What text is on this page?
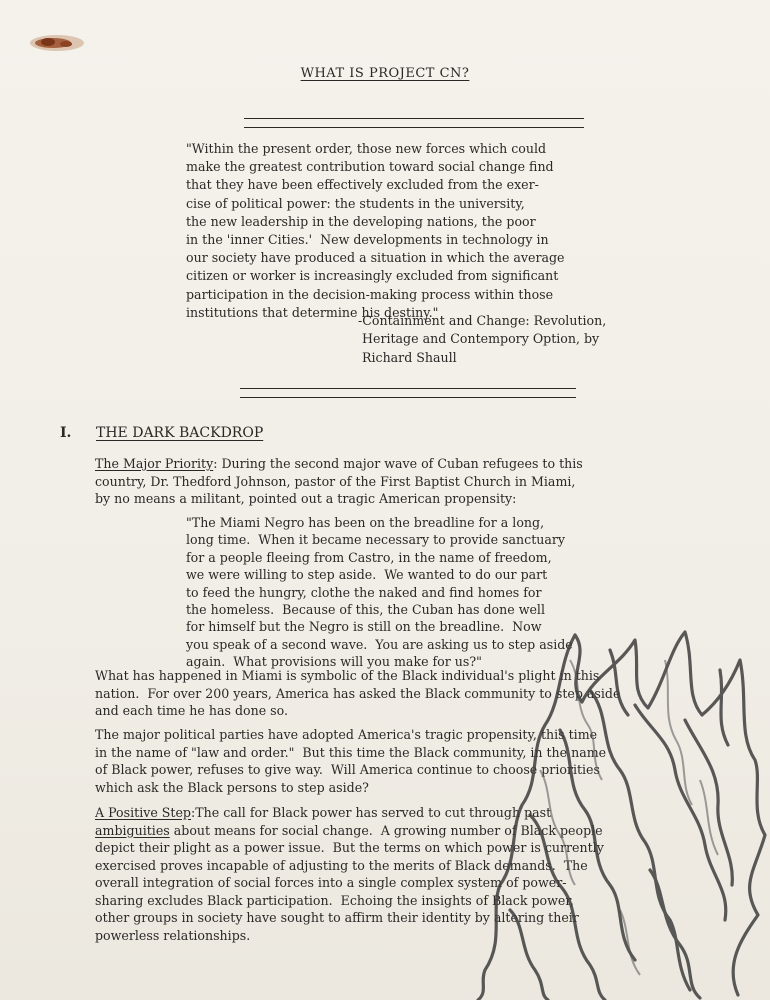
WHAT IS PROJECT CN?
"Within the present order, those new forces which could
make the greatest contribution toward social change find
that they have been effectively excluded from the exer-
cise of political power: the students in the university,
the new leadership in the developing nations, the poor
in the 'inner Cities.'  New developments in technology in
our society have produced a situation in which the average
citizen or worker is increasingly excluded from significant
participation in the decision-making process within those
institutions that determine his destiny."
-Containment and Change: Revolution,
Heritage and Contempory Option, by
Richard Shaull
I. THE DARK BACKDROP
The Major Priority: During the second major wave of Cuban refugees to this
country, Dr. Thedford Johnson, pastor of the First Baptist Church in Miami,
by no means a militant, pointed out a tragic American propensity:
"The Miami Negro has been on the breadline for a long,
long time.  When it became necessary to provide sanctuary
for a people fleeing from Castro, in the name of freedom,
we were willing to step aside.  We wanted to do our part
to feed the hungry, clothe the naked and find homes for
the homeless.  Because of this, the Cuban has done well
for himself but the Negro is still on the breadline.  Now
you speak of a second wave.  You are asking us to step aside
again.  What provisions will you make for us?"
What has happened in Miami is symbolic of the Black individual's plight in this
nation.  For over 200 years, America has asked the Black community to step aside
and each time he has done so.
The major political parties have adopted America's tragic propensity, this time
in the name of "law and order."  But this time the Black community, in the name
of Black power, refuses to give way.  Will America continue to choose priorities
which ask the Black persons to step aside?
A Positive Step:The call for Black power has served to cut through past
ambiguities about means for social change.  A growing number of Black people
depict their plight as a power issue.  But the terms on which power is currently
exercised proves incapable of adjusting to the merits of Black demands.  The
overall integration of social forces into a single complex system of power-
sharing excludes Black participation.  Echoing the insights of Black power,
other groups in society have sought to affirm their identity by altering their
powerless relationships.
